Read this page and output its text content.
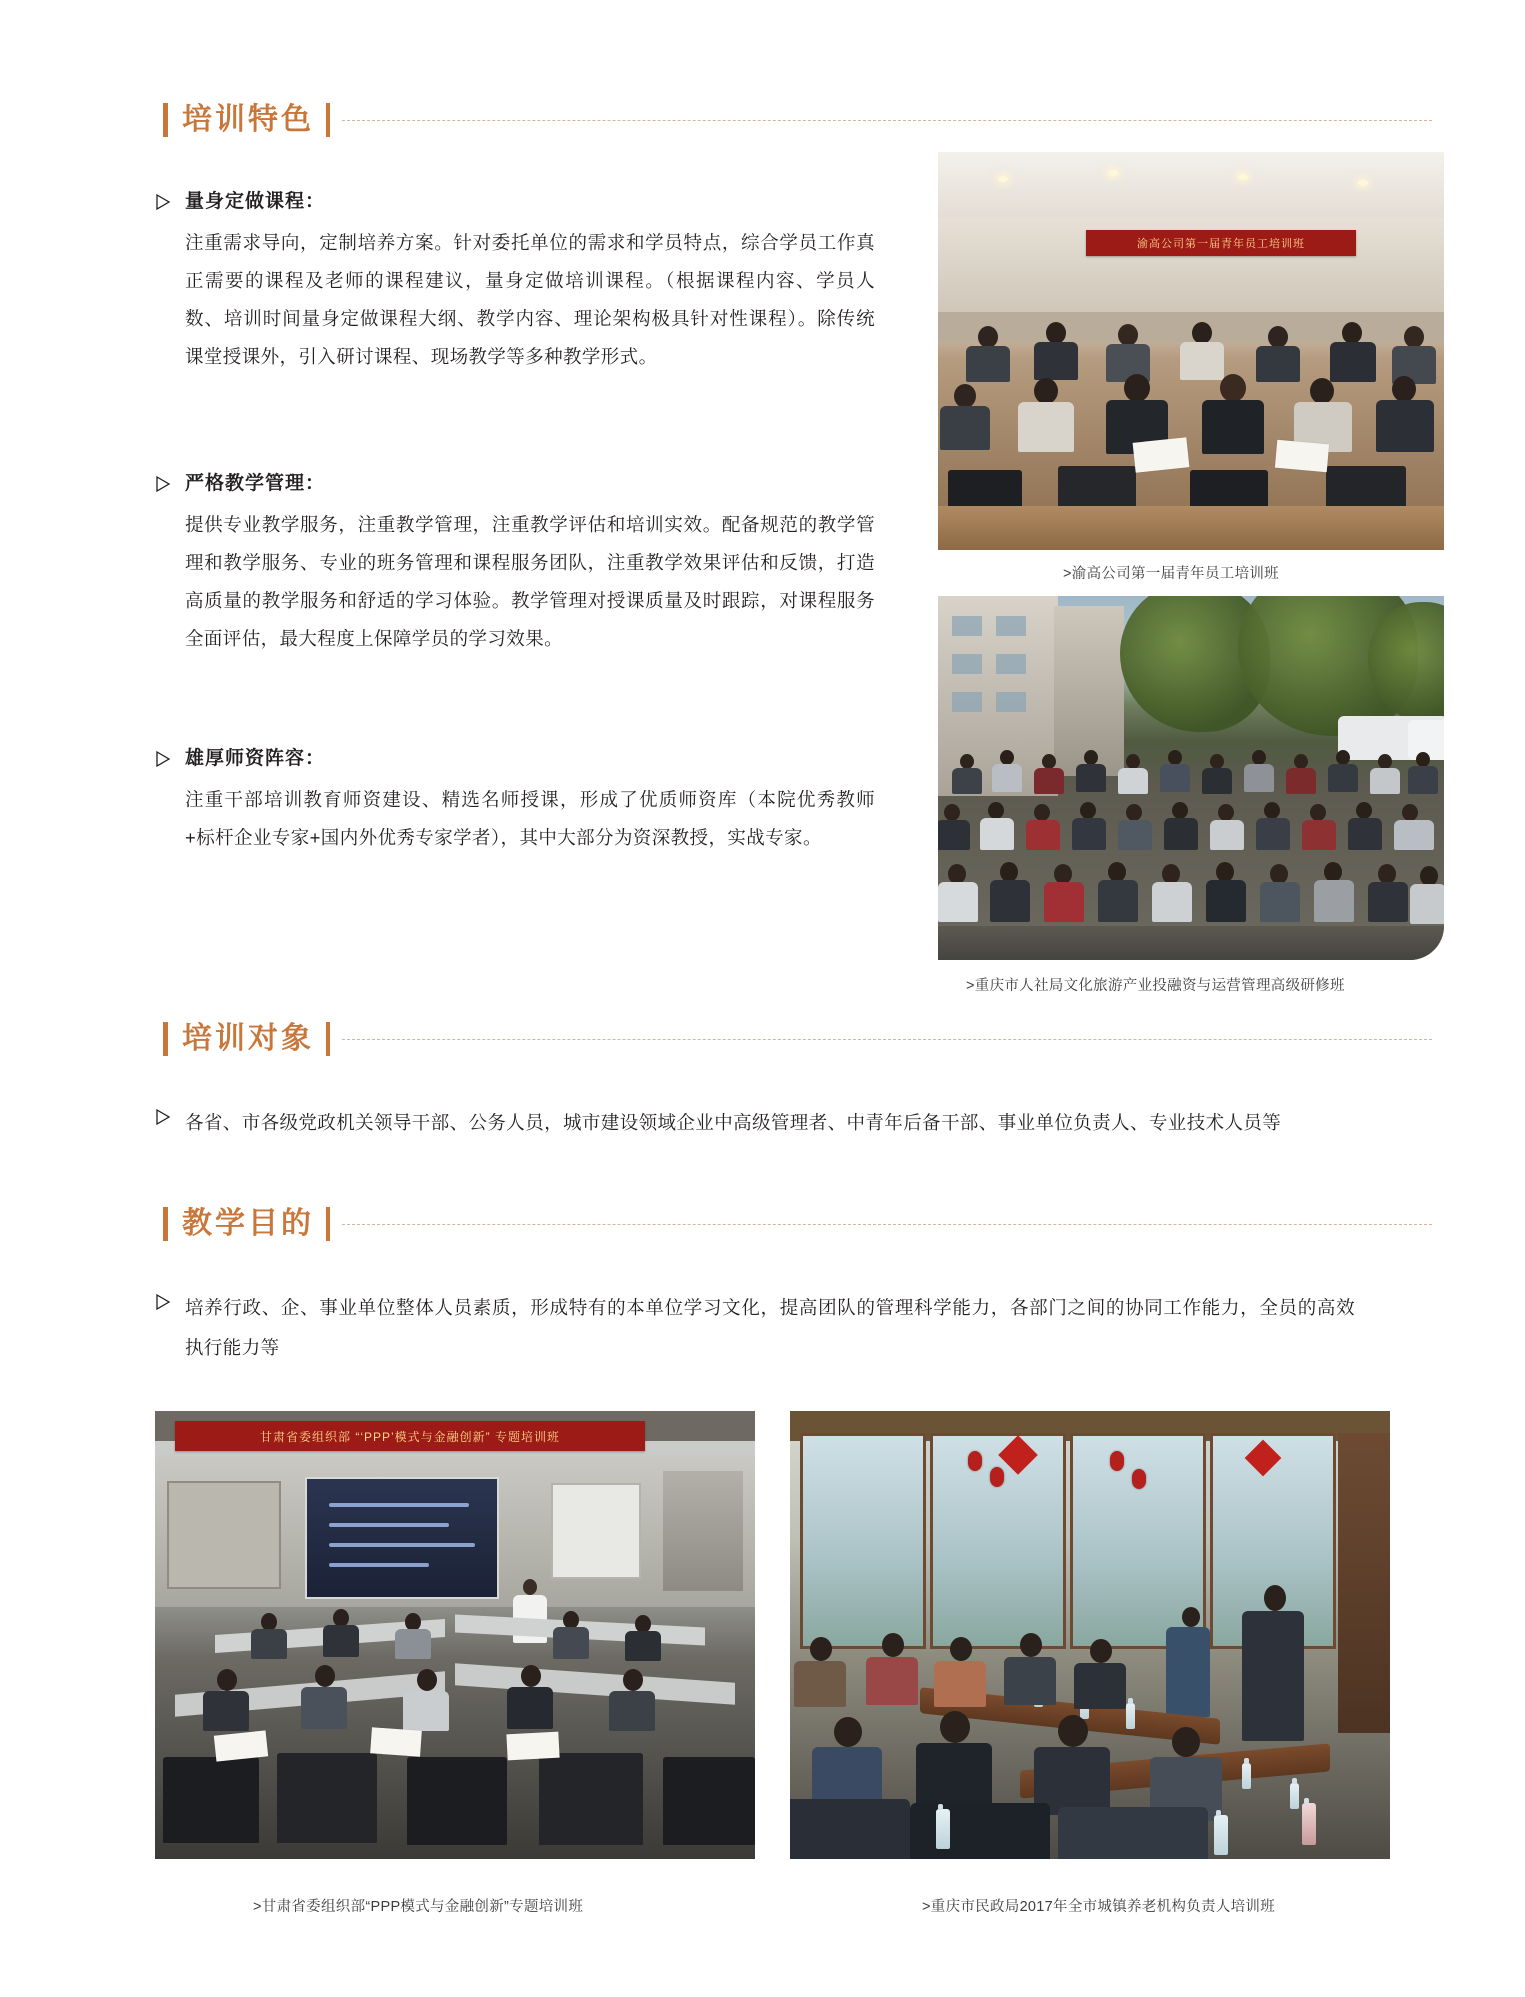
培训特色
量身定做课程：
注重需求导向，定制培养方案。针对委托单位的需求和学员特点，综合学员工作真正需要的课程及老师的课程建议，量身定做培训课程。（根据课程内容、学员人数、培训时间量身定做课程大纲、教学内容、理论架构极具针对性课程）。除传统课堂授课外，引入研讨课程、现场教学等多种教学形式。
严格教学管理：
提供专业教学服务，注重教学管理，注重教学评估和培训实效。配备规范的教学管理和教学服务、专业的班务管理和课程服务团队，注重教学效果评估和反馈，打造高质量的教学服务和舒适的学习体验。教学管理对授课质量及时跟踪，对课程服务全面评估，最大程度上保障学员的学习效果。
雄厚师资阵容：
注重干部培训教育师资建设、精选名师授课，形成了优质师资库（本院优秀教师+标杆企业专家+国内外优秀专家学者），其中大部分为资深教授，实战专家。
渝高公司第一届青年员工培训班
>渝高公司第一届青年员工培训班
>重庆市人社局文化旅游产业投融资与运营管理高级研修班
培训对象
各省、市各级党政机关领导干部、公务人员，城市建设领域企业中高级管理者、中青年后备干部、事业单位负责人、专业技术人员等
教学目的
培养行政、企、事业单位整体人员素质，形成特有的本单位学习文化，提高团队的管理科学能力，各部门之间的协同工作能力，全员的高效执行能力等
甘肃省委组织部 “‘PPP’模式与金融创新” 专题培训班
>甘肃省委组织部“PPP模式与金融创新”专题培训班	>重庆市民政局2017年全市城镇养老机构负责人培训班
